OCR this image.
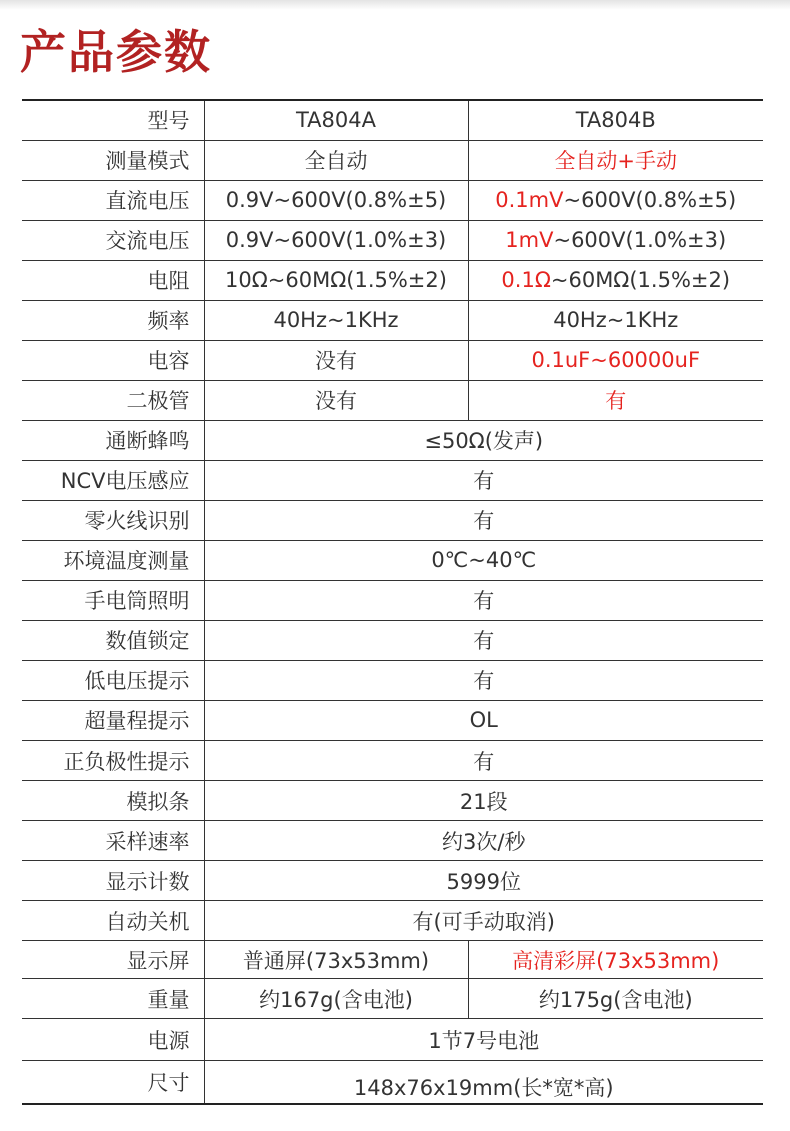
产品参数
型号	TA804A	TA804B
测量模式	全自动	全自动+手动
直流电压	0.9V~600V(0.8%±5)	0.1mV~600V(0.8%±5)
交流电压	0.9V~600V(1.0%±3)	1mV~600V(1.0%±3)
电阻	10Ω~60MΩ(1.5%±2)	0.1Ω~60MΩ(1.5%±2)
频率	40Hz~1KHz	40Hz~1KHz
电容	没有	0.1uF~60000uF
二极管	没有	有
通断蜂鸣	≤50Ω(发声)	
NCV电压感应	有	
零火线识别	有	
环境温度测量	0℃~40℃	
手电筒照明	有	
数值锁定	有	
低电压提示	有	
超量程提示	OL	
正负极性提示	有	
模拟条	21段	
采样速率	约3次/秒	
显示计数	5999位	
自动关机	有(可手动取消)	
显示屏	普通屏(73x53mm)	高清彩屏(73x53mm)
重量	约167g(含电池)	约175g(含电池)
电源	1节7号电池	
尺寸	148x76x19mm(长*宽*高)	
